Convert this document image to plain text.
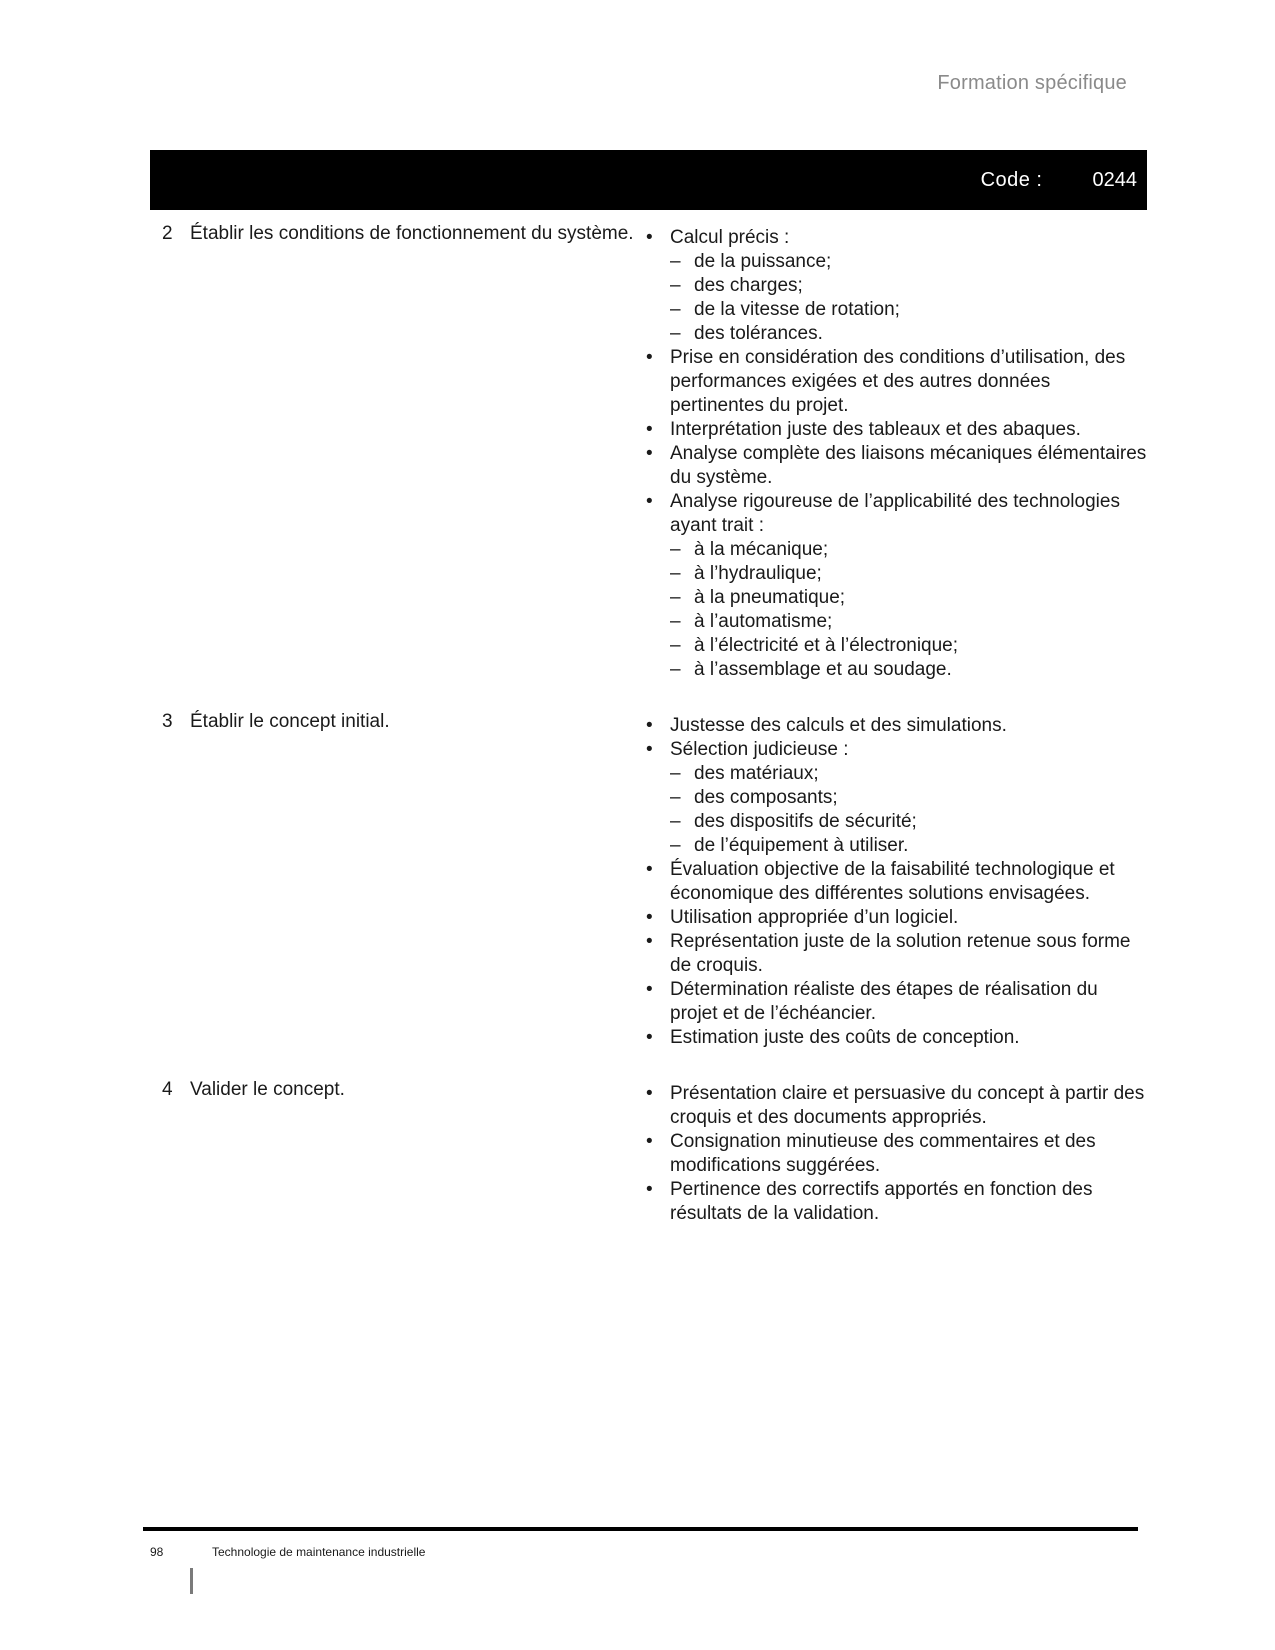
Formation spécifique
Code :	0244
2 Établir les conditions de fonctionnement du système. • Calcul précis :
– de la puissance;
– des charges;
– de la vitesse de rotation;
– des tolérances.
• Prise en considération des conditions d’utilisation, des performances exigées et des autres données pertinentes du projet.
• Interprétation juste des tableaux et des abaques.
• Analyse complète des liaisons mécaniques élémentaires du système.
• Analyse rigoureuse de l’applicabilité des technologies ayant trait :
– à la mécanique;
– à l’hydraulique;
– à la pneumatique;
– à l’automatisme;
– à l’électricité et à l’électronique;
– à l’assemblage et au soudage.
3 Établir le concept initial.	• Justesse des calculs et des simulations.
• Sélection judicieuse :
– des matériaux;
– des composants;
– des dispositifs de sécurité;
– de l’équipement à utiliser.
• Évaluation objective de la faisabilité technologique et économique des différentes solutions envisagées.
• Utilisation appropriée d’un logiciel.
• Représentation juste de la solution retenue sous forme de croquis.
• Détermination réaliste des étapes de réalisation du projet et de l’échéancier.
• Estimation juste des coûts de conception.
4 Valider le concept.	• Présentation claire et persuasive du concept à partir des croquis et des documents appropriés.
• Consignation minutieuse des commentaires et des modifications suggérées.
• Pertinence des correctifs apportés en fonction des résultats de la validation.
98	Technologie de maintenance industrielle
